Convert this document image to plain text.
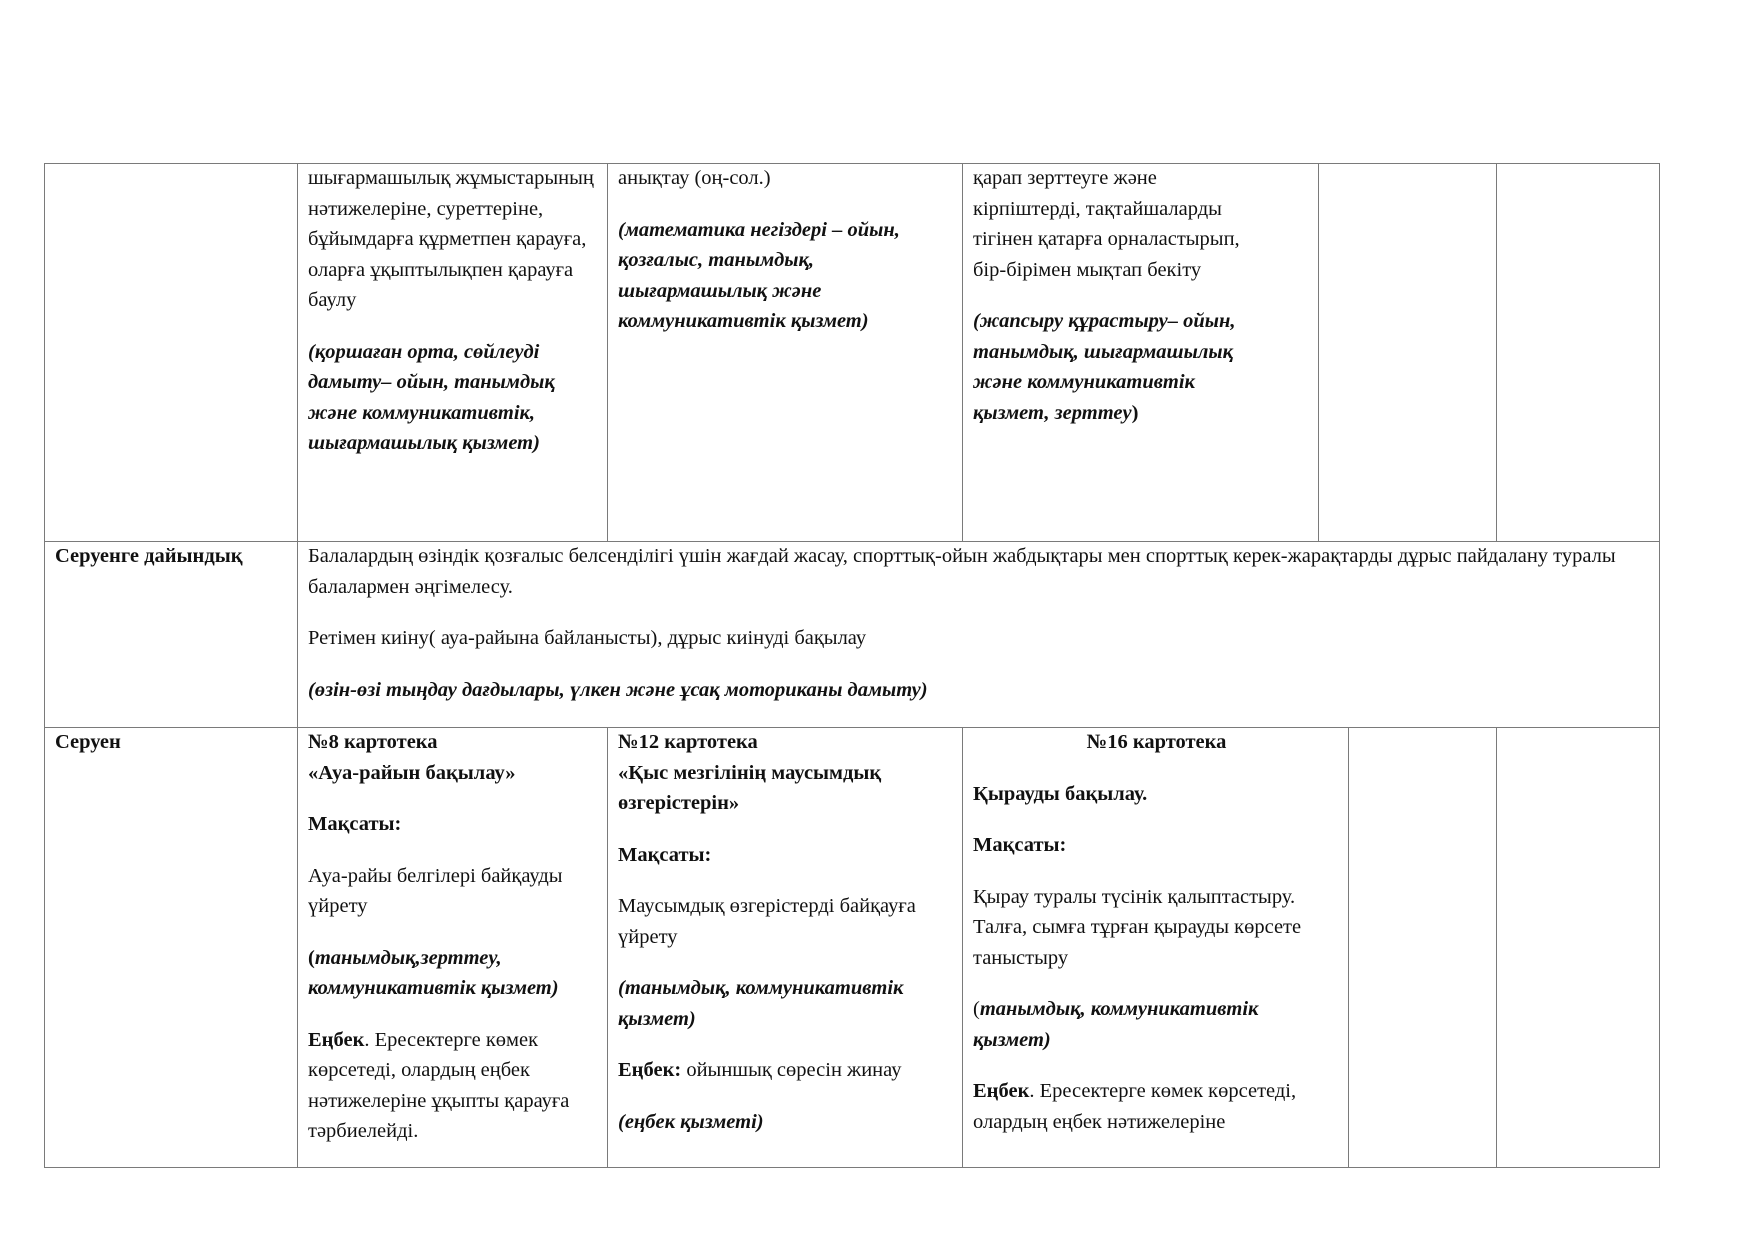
шығармашылық жұмыстарының нәтижелеріне, суреттеріне, бұйымдарға құрметпен қарауға, оларға ұқыптылықпен қарауға баулу

(қоршаған орта, сөйлеуді дамыту– ойын, танымдық және коммуникативтік, шығармашылық қызмет)

анықтау (оң-сол.)

(математика негіздері – ойын, қозғалыс, танымдық, шығармашылық және коммуникативтік қызмет)

қарап зерттеуге және кірпіштерді, тақтайшаларды тігінен қатарға орналастырып, бір-бірімен мықтап бекіту

(жапсыру құрастыру– ойын, танымдық, шығармашылық және коммуникативтік қызмет, зерттеу)

Серуенге дайындық	Балалардың өзіндік қозғалыс белсенділігі үшін жағдай жасау, спорттық-ойын жабдықтары мен спорттық керек-жарақтарды дұрыс пайдалану туралы балалармен әңгімелесу.

Ретімен киіну( ауа-райына байланысты), дұрыс киінуді бақылау

(өзін-өзі тыңдау дағдылары, үлкен және ұсақ моториканы дамыту)

Серуен	№8 картотека

«Ауа-райын бақылау»

Мақсаты:

Ауа-райы белгілері байқауды үйрету

(танымдық,зерттеу, коммуникативтік қызмет)

Еңбек. Ересектерге көмек көрсетеді, олардың еңбек нәтижелеріне ұқыпты қарауға тәрбиелейді.

№12 картотека

«Қыс мезгілінің маусымдық өзгерістерін»

Мақсаты:

Маусымдық өзгерістерді байқауға үйрету

(танымдық, коммуникативтік қызмет)

Еңбек: ойыншық сөресін жинау

(еңбек қызметі)

№16 картотека

Қырауды бақылау.

Мақсаты:

Қырау туралы түсінік қалыптастыру. Талға, сымға тұрған қырауды көрсете таныстыру

(танымдық, коммуникативтік қызмет)

Еңбек. Ересектерге көмек көрсетеді, олардың еңбек нәтижелеріне
